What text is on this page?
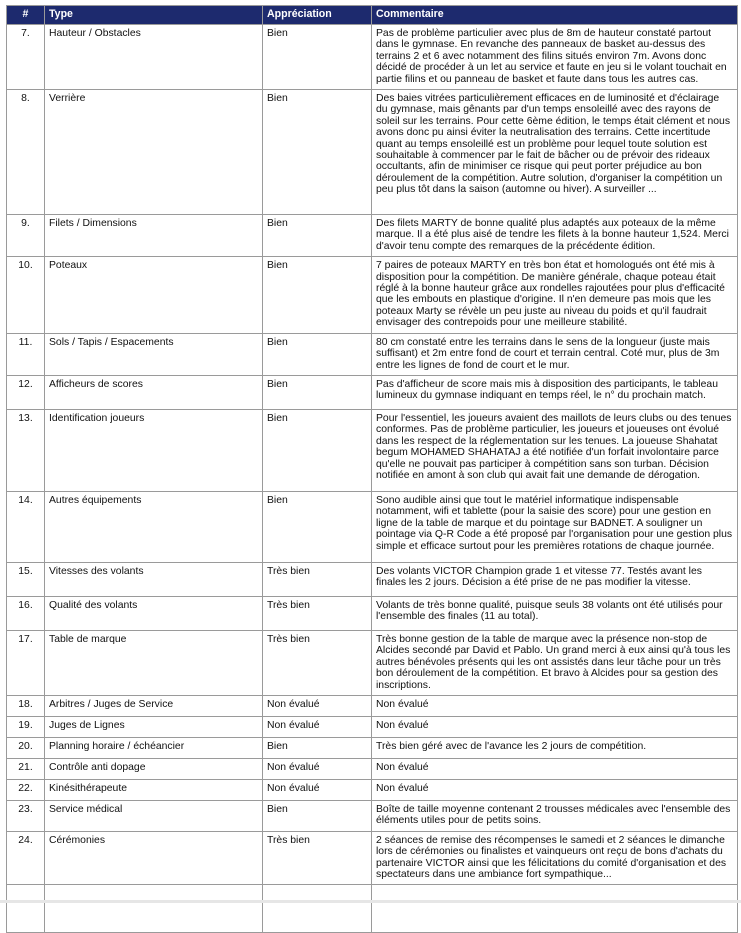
#	Type	Appréciation	Commentaire
7.	Hauteur / Obstacles	Bien	Pas de problème particulier avec plus de 8m de hauteur constaté partout dans le gymnase. En revanche des panneaux de basket au-dessus des terrains 2 et 6 avec notamment des filins situés environ 7m. Avons donc décidé de procéder à un let au service et faute en jeu si le volant touchait en partie filins et ou panneau de basket et faute dans tous les autres cas.
8.	Verrière	Bien	Des baies vitrées particulièrement efficaces en de luminosité et d'éclairage du gymnase, mais gênants par d'un temps ensoleillé avec des rayons de soleil sur les terrains. Pour cette 6ème édition, le temps était clément et nous avons donc pu ainsi éviter la neutralisation des terrains. Cette incertitude quant au temps ensoleillé est un problème pour lequel toute solution est souhaitable à commencer par le fait de bâcher ou de prévoir des rideaux occultants, afin de minimiser ce risque qui peut porter préjudice au bon déroulement de la compétition. Autre solution, d'organiser la compétition un peu plus tôt dans la saison (automne ou hiver). A surveiller ...
9.	Filets / Dimensions	Bien	Des filets MARTY de bonne qualité plus adaptés aux poteaux de la même marque. Il a été plus aisé de tendre les filets à la bonne hauteur 1,524. Merci d'avoir tenu compte des remarques de la précédente édition.
10.	Poteaux	Bien	7 paires de poteaux MARTY en très bon état et homologués ont été mis à disposition pour la compétition. De manière générale, chaque poteau était réglé à la bonne hauteur grâce aux rondelles rajoutées pour plus d'efficacité que les embouts en plastique d'origine. Il n'en demeure pas mois que les poteaux Marty se révèle un peu juste au niveau du poids et qu'il faudrait envisager des contrepoids pour une meilleure stabilité.
11.	Sols / Tapis / Espacements	Bien	80 cm constaté entre les terrains dans le sens de la longueur (juste mais suffisant) et 2m entre fond de court et terrain central. Coté mur, plus de 3m entre les lignes de fond de court et le mur.
12.	Afficheurs de scores	Bien	Pas d'afficheur de score mais mis à disposition des participants, le tableau lumineux du gymnase indiquant en temps réel, le n° du prochain match.
13.	Identification joueurs	Bien	Pour l'essentiel, les joueurs avaient des maillots de leurs clubs ou des tenues conformes. Pas de problème particulier, les joueurs et joueuses ont évolué dans les respect de la réglementation sur les tenues. La joueuse Shahatat begum MOHAMED SHAHATAJ a été notifiée d'un forfait involontaire parce qu'elle ne pouvait pas participer à compétition sans son turban. Décision notifiée en amont à son club qui avait fait une demande de dérogation.
14.	Autres équipements	Bien	Sono audible ainsi que tout le matériel informatique indispensable notamment, wifi et tablette (pour la saisie des score) pour une gestion en ligne de la table de marque et du pointage sur BADNET. A souligner un pointage via Q-R Code a été proposé par l'organisation pour une gestion plus simple et efficace surtout pour les premières rotations de chaque journée.
15.	Vitesses des volants	Très bien	Des volants VICTOR Champion grade 1 et vitesse 77. Testés avant les finales les 2 jours. Décision a été prise de ne pas modifier la vitesse.
16.	Qualité des volants	Très bien	Volants de très bonne qualité, puisque seuls 38 volants ont été utilisés pour l'ensemble des finales (11 au total).
17.	Table de marque	Très bien	Très bonne gestion de la table de marque avec la présence non-stop de Alcides secondé par David et Pablo. Un grand merci à eux ainsi qu'à tous les autres bénévoles présents qui les ont assistés dans leur tâche pour un très bon déroulement de la compétition. Et bravo à Alcides pour sa gestion des inscriptions.
18.	Arbitres / Juges de Service	Non évalué	Non évalué
19.	Juges de Lignes	Non évalué	Non évalué
20.	Planning horaire / échéancier	Bien	Très bien géré avec de l'avance les 2 jours de compétition.
21.	Contrôle anti dopage	Non évalué	Non évalué
22.	Kinésithérapeute	Non évalué	Non évalué
23.	Service médical	Bien	Boîte de taille moyenne contenant 2 trousses médicales avec l'ensemble des éléments utiles pour de petits soins.
24.	Cérémonies	Très bien	2 séances de remise des récompenses le samedi et 2 séances le dimanche lors de cérémonies ou finalistes et vainqueurs ont reçu de bons d'achats du partenaire VICTOR ainsi que les félicitations du comité d'organisation et des spectateurs dans une ambiance fort sympathique...
